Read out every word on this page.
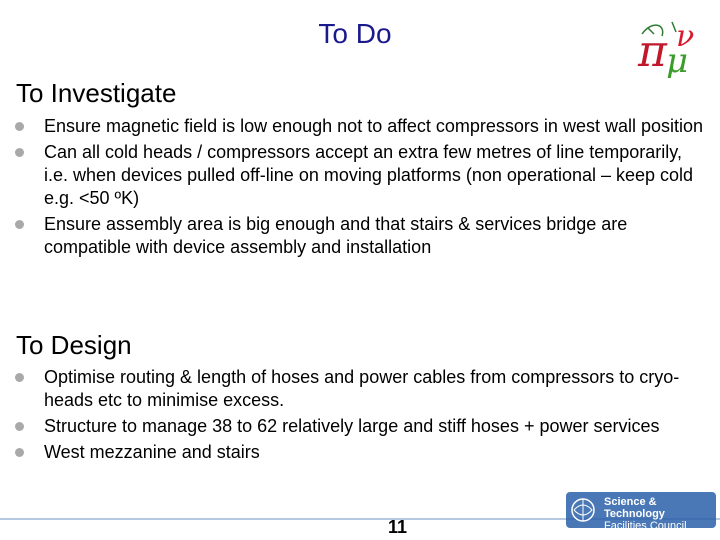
To Do	π μ
ν
To Investigate
Ensure magnetic field is low enough not to affect compressors in west wall position
Can all cold heads / compressors accept an extra few metres of line temporarily, i.e. when devices pulled off-line on moving platforms (non operational – keep cold e.g. <50 ºK)
Ensure assembly area is big enough and that stairs & services bridge are compatible with device assembly and installation
To Design
Optimise routing & length of hoses and power cables from compressors to cryo-heads etc to minimise excess.
Structure to manage 38 to 62 relatively large and stiff hoses + power services
West mezzanine and stairs
11
Science & Technology
Facilities Council
